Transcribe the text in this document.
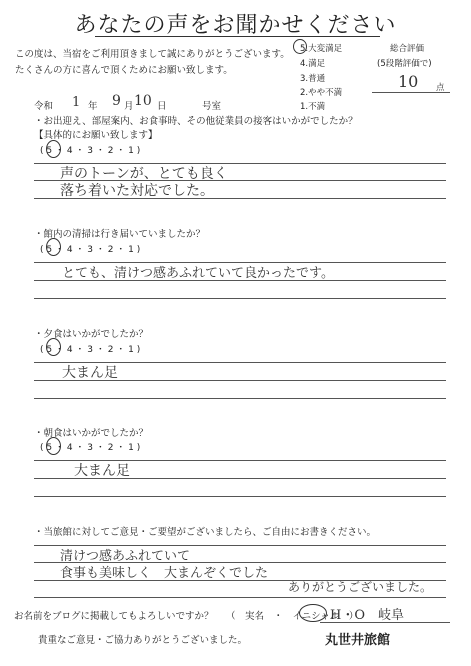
あなたの声をお聞かせください
この度は、当宿をご利用頂きまして誠にありがとうございます。
たくさんの方に喜んで頂くためにお願い致します。
5.大変満足
4.満足
3.普通
2.やや不満
1.不満
総合評価
(5段階評価で)
10 点
令和 1 年 9 月 10 日	号室
・お出迎え、部屋案内、お食事時、その他従業員の接客はいかがでしたか？
【具体的にお願い致します】
( 5 ・ 4 ・ 3 ・ 2 ・ 1 )
声のトーンが、とても良く
落ち着いた対応でした。
・館内の清掃は行き届いていましたか？
( 5 ・ 4 ・ 3 ・ 2 ・ 1 )
とても、清けつ感あふれていて良かったです。
・夕食はいかがでしたか？
( 5 ・ 4 ・ 3 ・ 2 ・ 1 )
大まん足
・朝食はいかがでしたか？
( 5 ・ 4 ・ 3 ・ 2 ・ 1 )
大まん足
・当旅館に対してご意見・ご要望がございましたら、ご自由にお書きください。
清けつ感あふれていて
食事も美味しく　大まんぞくでした
ありがとうございました。
お名前をブログに掲載してもよろしいですか？ （　実名　・　イニシャル　）
H・O　岐阜
貴重なご意見・ご協力ありがとうございました。	丸世井旅館
